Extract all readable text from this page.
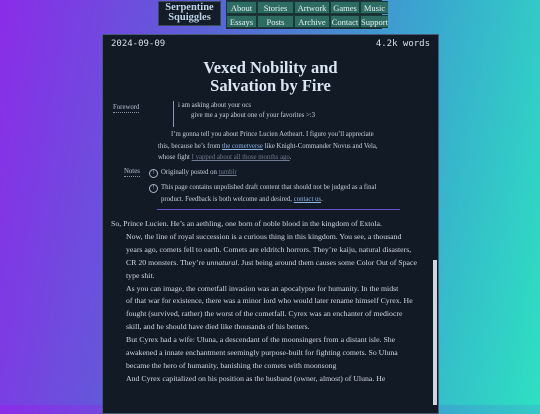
Serpentine
Squiggles
About	Stories	Artwork Games Music
Essays	Posts	Archive Contact Support
2024-09-09	4.2k words
Vexed Nobility and
Salvation by Fire
Foreword	i am asking about your ocs
give me a yap about one of your favorites >:3
I’m gonna tell you about Prince Lucien Aetheart. I figure you’ll appreciate
this, because he’s from the cometverse like Knight-Commander Novus and Vela,
whose fight I yapped about all those months ago.
Notes	! Originally posted on tumblr
! This page contains unpolished draft content that should not be judged as a final
product. Feedback is both welcome and desired, contact us.

So, Prince Lucien. He’s an aethling, one born of noble blood in the kingdom of Extola.

Now, the line of royal succession is a curious thing in this kingdom. You see, a thousand
years ago, comets fell to earth. Comets are eldritch horrors. They’re kaiju, natural disasters,
CR 20 monsters. They’re unnatural. Just being around them causes some Color Out of Space
type shit.

As you can image, the cometfall invasion was an apocalypse for humanity. In the midst
of that war for existence, there was a minor lord who would later rename himself Cyrex. He
fought (survived, rather) the worst of the cometfall. Cyrex was an enchanter of mediocre
skill, and he should have died like thousands of his betters.

But Cyrex had a wife: Uluna, a descendant of the moonsingers from a distant isle. She
awakened a innate enchantment seemingly purpose-built for fighting comets. So Uluna
became the hero of humanity, banishing the comets with moonsong

And Cyrex capitalized on his position as the husband (owner, almost) of Uluna. He
